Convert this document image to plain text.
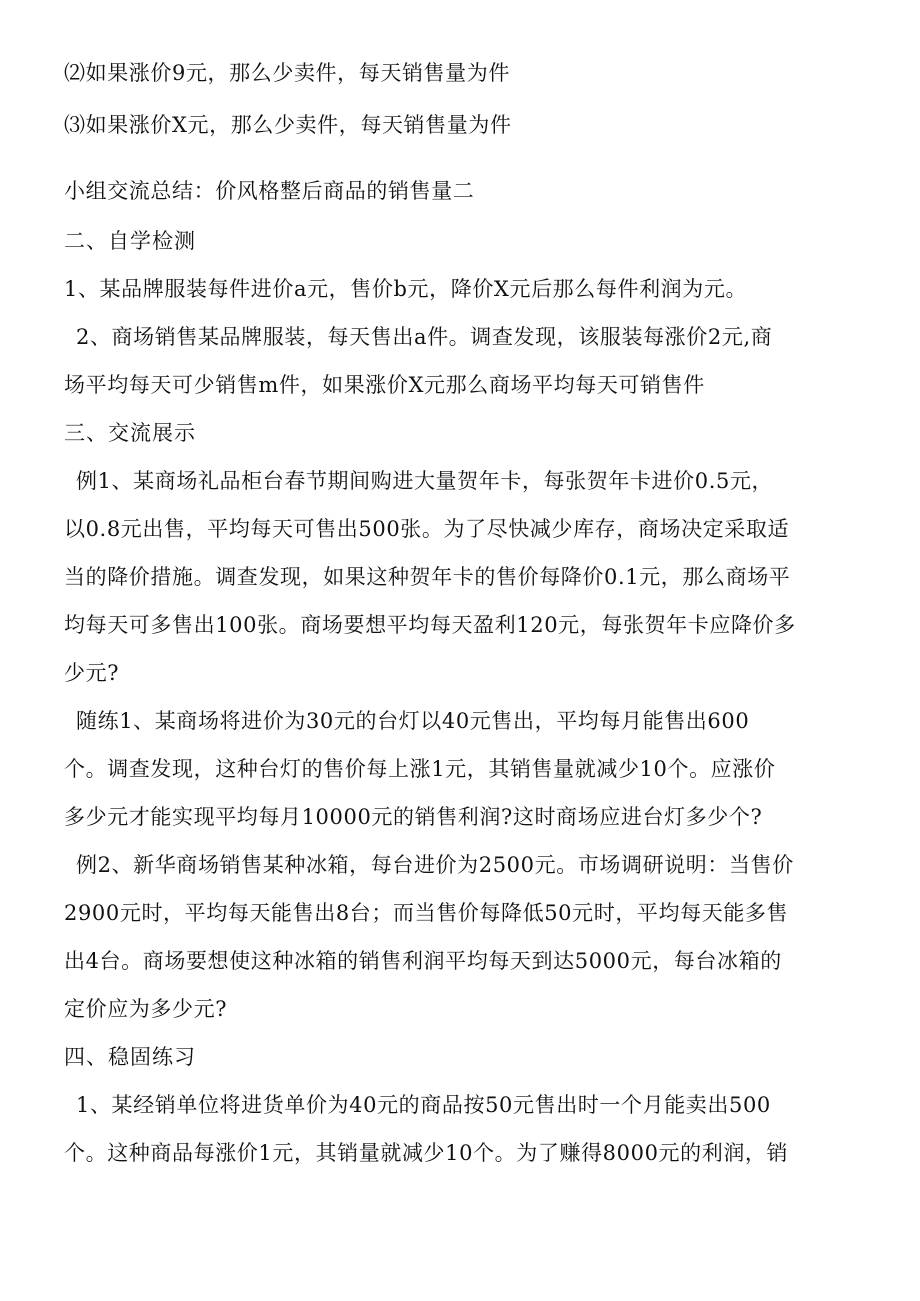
⑵如果涨价9元，那么少卖件，每天销售量为件
⑶如果涨价X元，那么少卖件，每天销售量为件
小组交流总结：价风格整后商品的销售量二
二、自学检测
1、某品牌服装每件进价a元，售价b元，降价X元后那么每件利润为元。
2、商场销售某品牌服装，每天售出a件。调查发现，该服装每涨价2元,商
场平均每天可少销售m件，如果涨价X元那么商场平均每天可销售件
三、交流展示
例1、某商场礼品柜台春节期间购进大量贺年卡，每张贺年卡进价0.5元，
以0.8元出售，平均每天可售出500张。为了尽快减少库存，商场决定采取适
当的降价措施。调查发现，如果这种贺年卡的售价每降价0.1元，那么商场平
均每天可多售出100张。商场要想平均每天盈利120元，每张贺年卡应降价多
少元?
随练1、某商场将进价为30元的台灯以40元售出，平均每月能售出600
个。调查发现，这种台灯的售价每上涨1元，其销售量就减少10个。应涨价
多少元才能实现平均每月10000元的销售利润?这时商场应进台灯多少个?
例2、新华商场销售某种冰箱，每台进价为2500元。市场调研说明：当售价
2900元时，平均每天能售出8台；而当售价每降低50元时，平均每天能多售
出4台。商场要想使这种冰箱的销售利润平均每天到达5000元，每台冰箱的
定价应为多少元?
四、稳固练习
1、某经销单位将进货单价为40元的商品按50元售出时一个月能卖出500
个。这种商品每涨价1元，其销量就减少10个。为了赚得8000元的利润，销
